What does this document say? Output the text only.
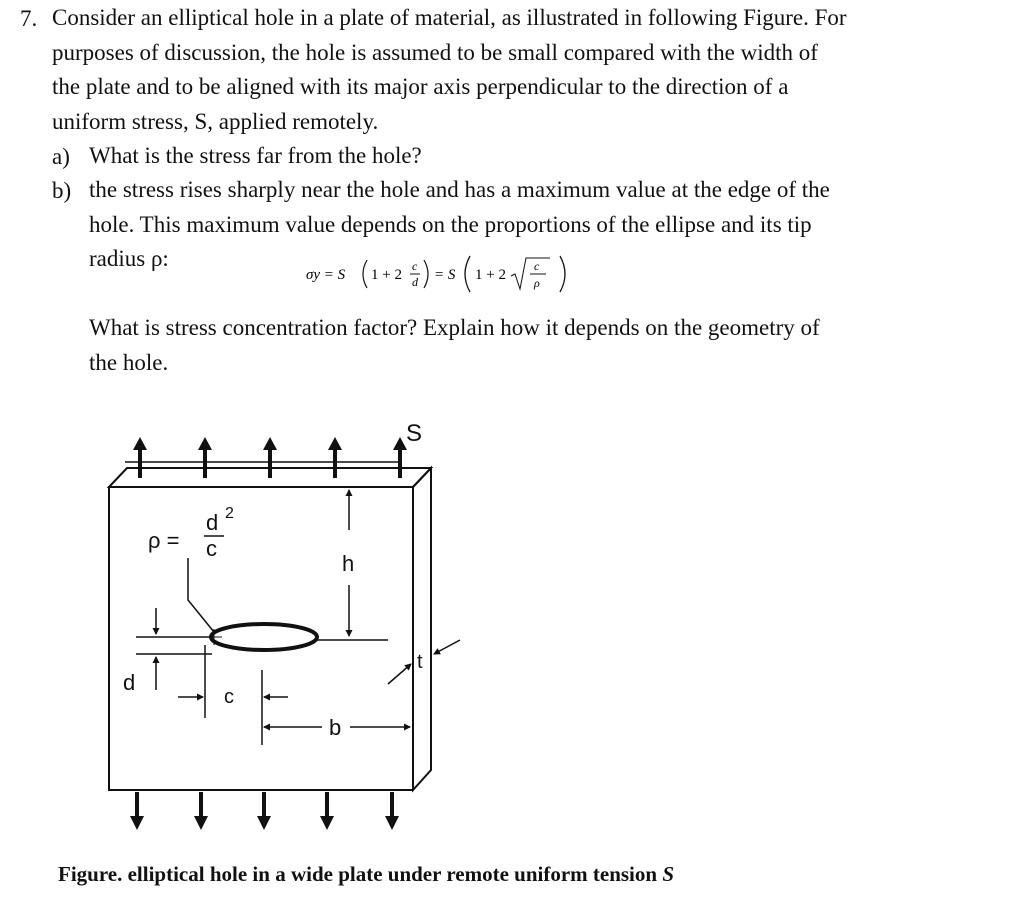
7. Consider an elliptical hole in a plate of material, as illustrated in following Figure. For

purposes of discussion, the hole is assumed to be small compared with the width of

the plate and to be aligned with its major axis perpendicular to the direction of a

uniform stress, S, applied remotely.

a) What is the stress far from the hole?

b) the stress rises sharply near the hole and has a maximum value at the edge of the

hole. This maximum value depends on the proportions of the ellipse and its tip

radius ρ:

σy = S 1 + 2
c
d = S 1 + 2
c
ρ

What is stress concentration factor? Explain how it depends on the geometry of

the hole.

S
ρ =
d 2
c
d
h
c
b
t
Figure. elliptical hole in a wide plate under remote uniform tension S
